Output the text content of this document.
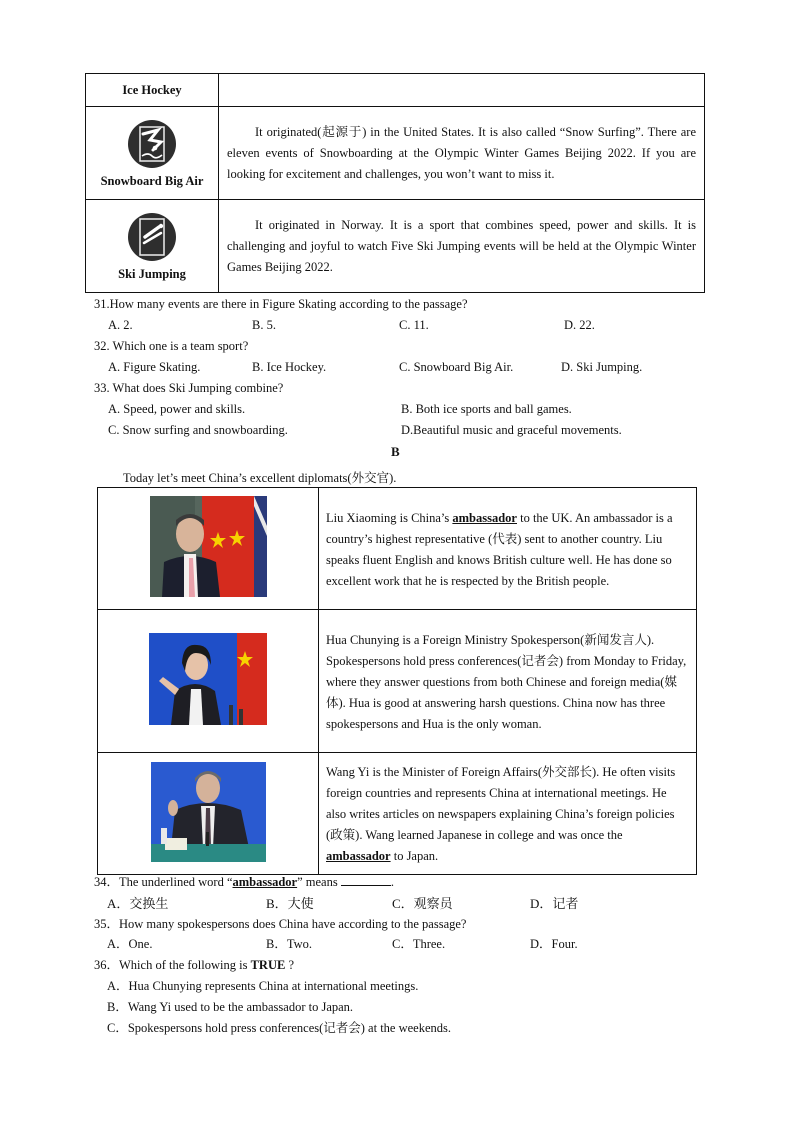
Ice Hockey	

Snowboard Big Air	It originated(起源于) in the United States. It is also called “Snow Surfing”. There are eleven events of Snowboarding at the Olympic Winter Games Beijing 2022. If you are looking for excitement and challenges, you won’t want to miss it.

Ski Jumping	It originated in Norway. It is a sport that combines speed, power and skills. It is challenging and joyful to watch Five Ski Jumping events will be held at the Olympic Winter Games Beijing 2022.
31.How many events are there in Figure Skating according to the passage?
A. 2.	B. 5.	C. 11.	D. 22.
32. Which one is a team sport?
A. Figure Skating.	B. Ice Hockey.	C. Snowboard Big Air.	D. Ski Jumping.
33. What does Ski Jumping combine?
A. Speed, power and skills.	B. Both ice sports and ball games.
C. Snow surfing and snowboarding.	D.Beautiful music and graceful movements.
B
Today let’s meet China’s excellent diplomats(外交官).
	Liu Xiaoming is China’s ambassador to the UK. An ambassador is a country’s highest representative (代表) sent to another country. Liu speaks fluent English and knows British culture well. He has done so excellent work that he is respected by the British people.
	Hua Chunying is a Foreign Ministry Spokesperson(新闻发言人). Spokespersons hold press conferences(记者会) from Monday to Friday, where they answer questions from both Chinese and foreign media(媒体). Hua is good at answering harsh questions. China now has three spokespersons and Hua is the only woman.
	Wang Yi is the Minister of Foreign Affairs(外交部长). He often visits foreign countries and represents China at international meetings. He also writes articles on newspapers explaining China’s foreign policies (政策). Wang learned Japanese in college and was once the ambassador to Japan.
34．The underlined word “ambassador” means	.
A．交换生	B．大使	C．观察员	D．记者
35．How many spokespersons does China have according to the passage?
A．One.	B．Two.	C．Three.	D．Four.
36．Which of the following is TRUE ?
A．Hua Chunying represents China at international meetings.
B．Wang Yi used to be the ambassador to Japan.
C．Spokespersons hold press conferences(记者会) at the weekends.
